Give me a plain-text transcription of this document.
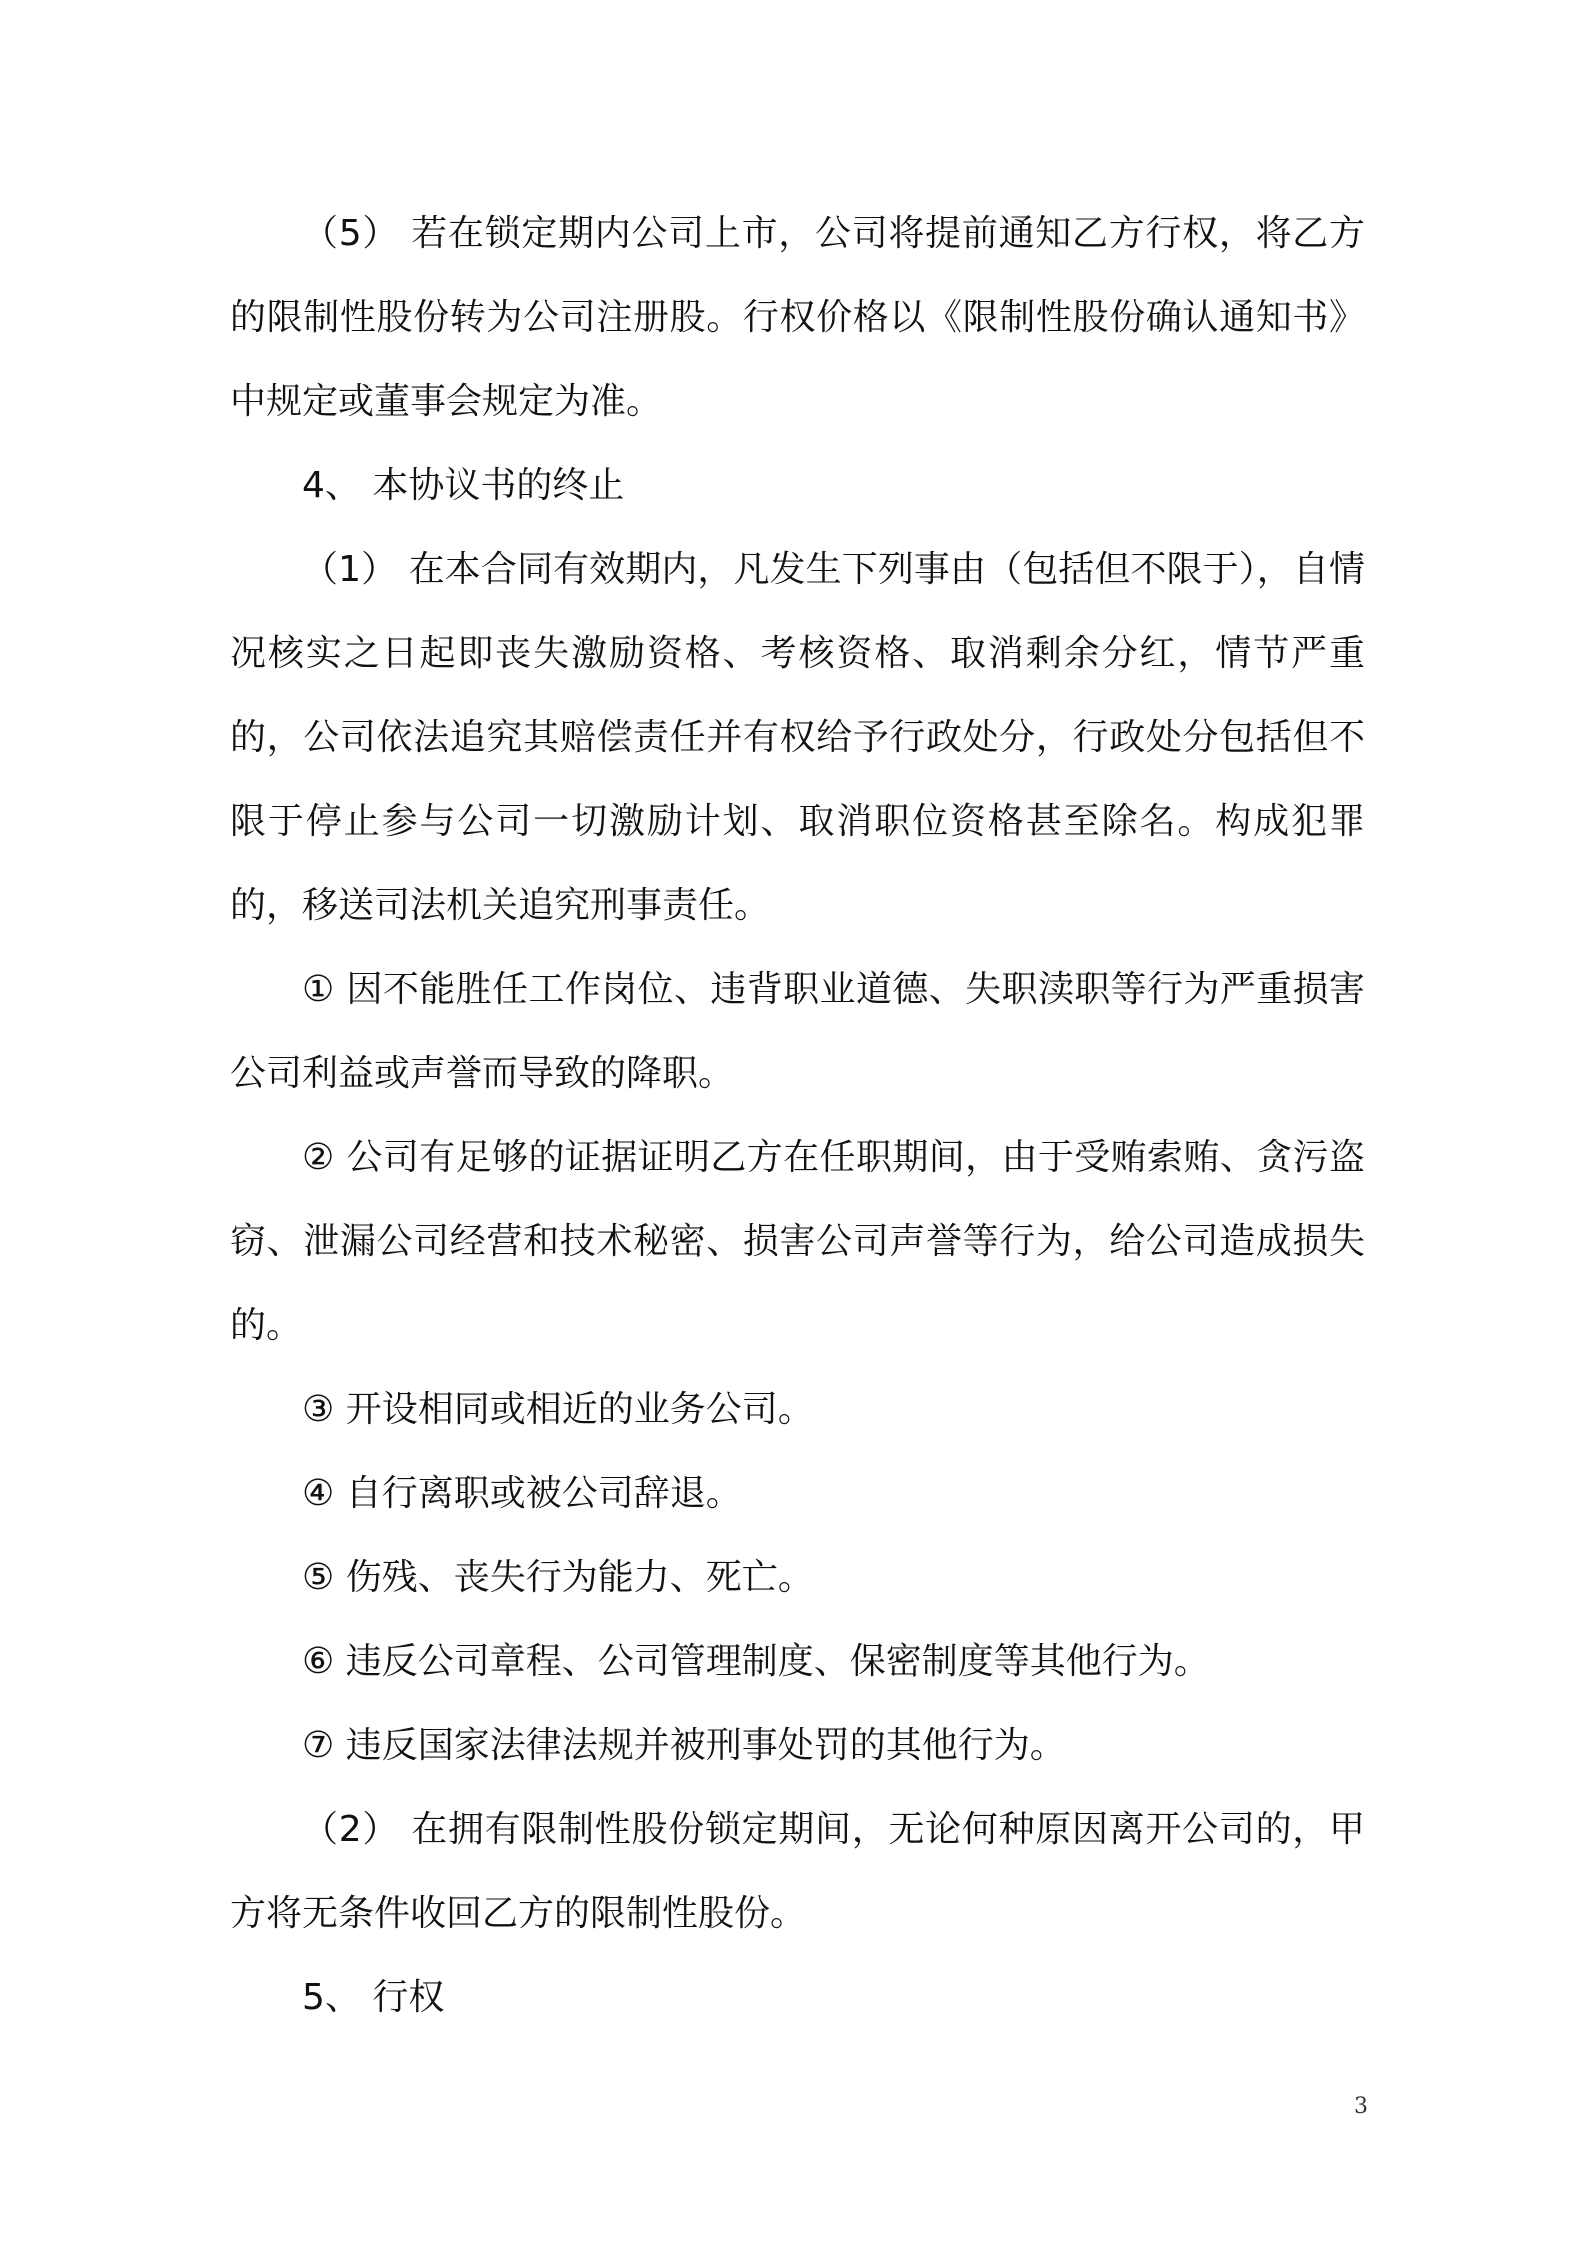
（5） 若在锁定期内公司上市，公司将提前通知乙方行权，将乙方的限制性股份转为公司注册股。行权价格以《限制性股份确认通知书》中规定或董事会规定为准。

4、 本协议书的终止

（1） 在本合同有效期内，凡发生下列事由（包括但不限于），自情况核实之日起即丧失激励资格、考核资格、取消剩余分红，情节严重的，公司依法追究其赔偿责任并有权给予行政处分，行政处分包括但不限于停止参与公司一切激励计划、取消职位资格甚至除名。构成犯罪的，移送司法机关追究刑事责任。

① 因不能胜任工作岗位、违背职业道德、失职渎职等行为严重损害公司利益或声誉而导致的降职。

② 公司有足够的证据证明乙方在任职期间，由于受贿索贿、贪污盗窃、泄漏公司经营和技术秘密、损害公司声誉等行为，给公司造成损失的。

③ 开设相同或相近的业务公司。

④ 自行离职或被公司辞退。

⑤ 伤残、丧失行为能力、死亡。

⑥ 违反公司章程、公司管理制度、保密制度等其他行为。

⑦ 违反国家法律法规并被刑事处罚的其他行为。

（2） 在拥有限制性股份锁定期间，无论何种原因离开公司的，甲方将无条件收回乙方的限制性股份。

5、 行权

3
